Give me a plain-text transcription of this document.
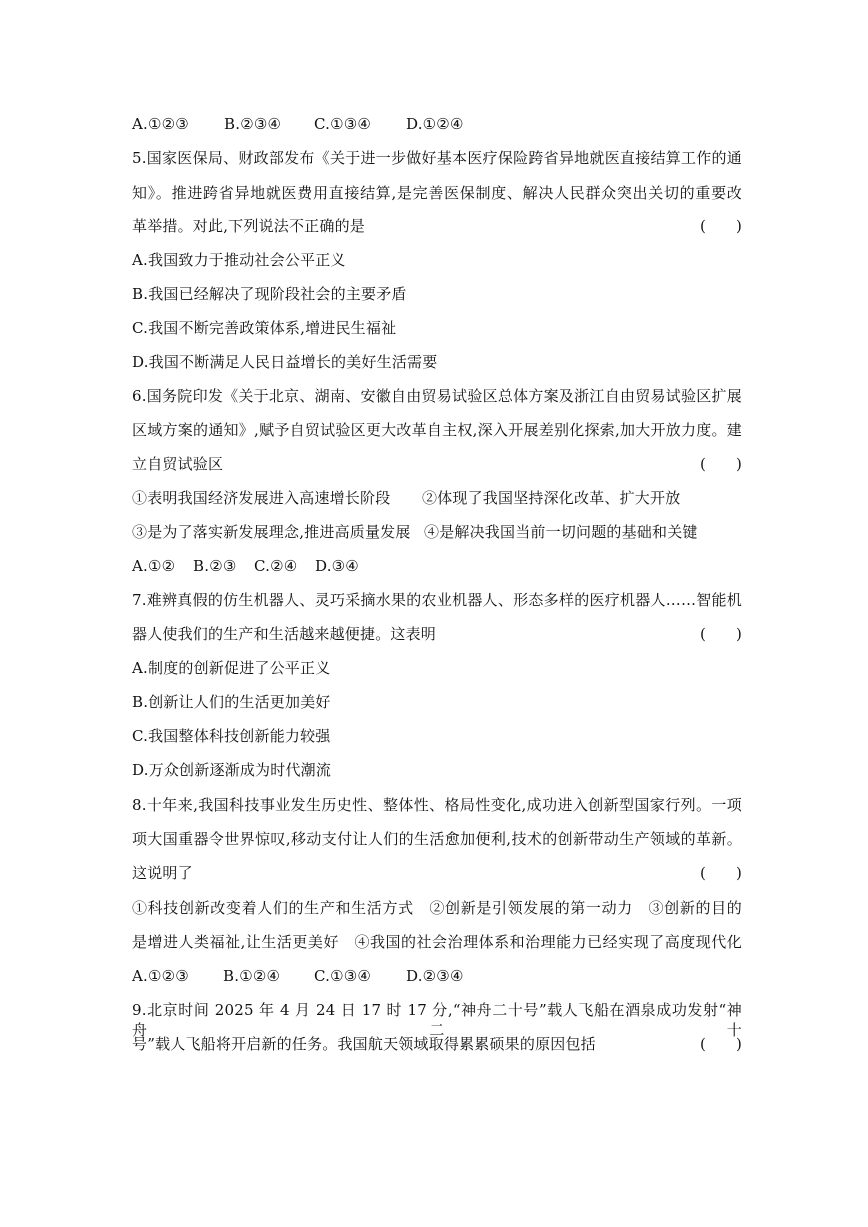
A.①②③ B.②③④ C.①③④ D.①②④
5.国家医保局、财政部发布《关于进一步做好基本医疗保险跨省异地就医直接结算工作的通
知》。推进跨省异地就医费用直接结算,是完善医保制度、解决人民群众突出关切的重要改
革举措。对此,下列说法不正确的是	( )
A.我国致力于推动社会公平正义
B.我国已经解决了现阶段社会的主要矛盾
C.我国不断完善政策体系,增进民生福祉
D.我国不断满足人民日益增长的美好生活需要
6.国务院印发《关于北京、湖南、安徽自由贸易试验区总体方案及浙江自由贸易试验区扩展
区域方案的通知》,赋予自贸试验区更大改革自主权,深入开展差别化探索,加大开放力度。建
立自贸试验区	( )
①表明我国经济发展进入高速增长阶段 ②体现了我国坚持深化改革、扩大开放
③是为了落实新发展理念,推进高质量发展 ④是解决我国当前一切问题的基础和关键
A.①② B.②③ C.②④ D.③④
7.难辨真假的仿生机器人、灵巧采摘水果的农业机器人、形态多样的医疗机器人……智能机
器人使我们的生产和生活越来越便捷。这表明	( )
A.制度的创新促进了公平正义
B.创新让人们的生活更加美好
C.我国整体科技创新能力较强
D.万众创新逐渐成为时代潮流
8.十年来,我国科技事业发生历史性、整体性、格局性变化,成功进入创新型国家行列。一项
项大国重器令世界惊叹,移动支付让人们的生活愈加便利,技术的创新带动生产领域的革新。
这说明了	( )
①科技创新改变着人们的生产和生活方式　②创新是引领发展的第一动力　③创新的目的
是增进人类福祉,让生活更美好　④我国的社会治理体系和治理能力已经实现了高度现代化
A.①②③ B.①②④ C.①③④ D.②③④
9.北京时间 2025 年 4 月 24 日 17 时 17 分,“神舟二十号”载人飞船在酒泉成功发射“神舟二十
号”载人飞船将开启新的任务。我国航天领域取得累累硕果的原因包括	( )
